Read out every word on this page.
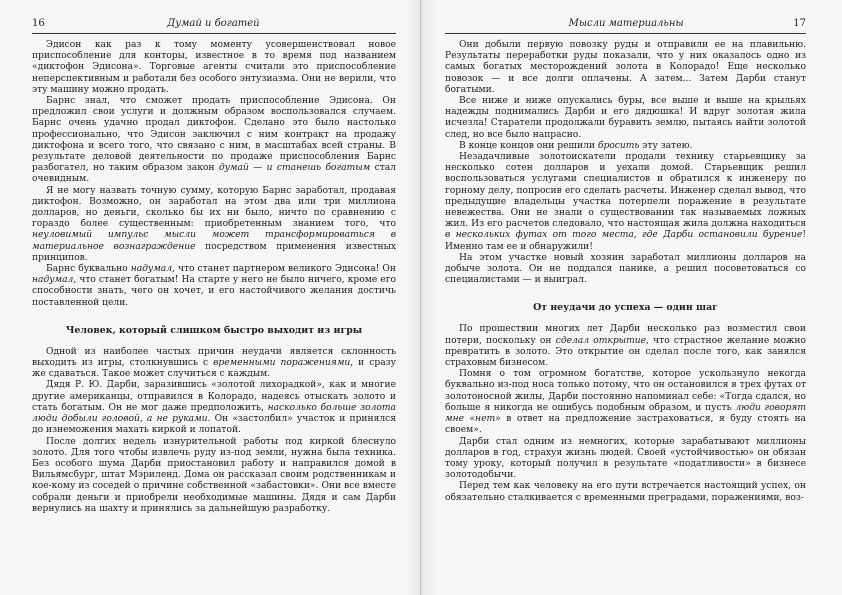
16	Думай и богатей

Эдисон как раз к тому моменту усовершенствовал новое приспособление для конторы, известное в то время под названием «диктофон Эдисона». Торговые агенты считали это приспособление неперспективным и работали без особого энтузиазма. Они не верили, что эту машину можно продать.

Барнс знал, что сможет продать приспособление Эдисона. Он предложил свои услуги и должным образом воспользовался случаем. Барнс очень удачно продал диктофон. Сделано это было настолько профессионально, что Эдисон заключил с ним контракт на продажу диктофона и всего того, что связано с ним, в масштабах всей страны. В результате деловой деятельности по продаже приспособления Барнс разбогател, но таким образом закон думай — и станешь богатым стал очевидным.

Я не могу назвать точную сумму, которую Барнс заработал, продавая диктофон. Возможно, он заработал на этом два или три миллиона долларов, но деньги, сколько бы их ни было, ничто по сравнению с гораздо более существенным: приобретенным знанием того, что неуловимый импульс мысли может трансформироваться в материальное вознаграждение посредством применения известных принципов.

Барнс буквально надумал, что станет партнером великого Эдисона! Он надумал, что станет богатым! На старте у него не было ничего, кроме его способности знать, чего он хочет, и его настойчивого желания достичь поставленной цели.

Человек, который слишком быстро выходит из игры

Одной из наиболее частых причин неудачи является склонность выходить из игры, столкнувшись с временными поражениями, и сразу же сдаваться. Такое может случиться с каждым.

Дядя Р. Ю. Дарби, заразившись «золотой лихорадкой», как и многие другие американцы, отправился в Колорадо, надеясь отыскать золото и стать богатым. Он не мог даже предположить, насколько больше золота люди добыли головой, а не руками. Он «застолбил» участок и принялся до изнеможения махать киркой и лопатой.

После долгих недель изнурительной работы под киркой блеснуло золото. Для того чтобы извлечь руду из-под земли, нужна была техника. Без особого шума Дарби приостановил работу и направился домой в Вильямсбург, штат Мэриленд. Дома он рассказал своим родственникам и кое-кому из соседей о причине собственной «забастовки». Они все вместе собрали деньги и приобрели необходимые машины. Дядя и сам Дарби вернулись на шахту и принялись за дальнейшую разработку.

Мысли материальны	17

Они добыли первую повозку руды и отправили ее на плавильню. Результаты переработки руды показали, что у них оказалось одно из самых богатых месторождений золота в Колорадо! Еще несколько повозок — и все долги оплачены. А затем... Затем Дарби станут богатыми.

Все ниже и ниже опускались буры, все выше и выше на крыльях надежды поднимались Дарби и его дядюшка! И вдруг золотая жила исчезла! Старатели продолжали буравить землю, пытаясь найти золотой след, но все было напрасно.

В конце концов они решили бросить эту затею.

Незадачливые золотоискатели продали технику старьевщику за несколько сотен долларов и уехали домой. Старьевщик решил воспользоваться услугами специалистов и обратился к инженеру по горному делу, попросив его сделать расчеты. Инженер сделал вывод, что предыдущие владельцы участка потерпели поражение в результате невежества. Они не знали о существовании так называемых ложных жил. Из его расчетов следовало, что настоящая жила должна находиться в нескольких футах от того места, где Дарби остановили бурение! Именно там ее и обнаружили!

На этом участке новый хозяин заработал миллионы долларов на добыче золота. Он не поддался панике, а решил посоветоваться со специалистами — и выиграл.

От неудачи до успеха — один шаг

По прошествии многих лет Дарби несколько раз возместил свои потери, поскольку он сделал открытие, что страстное желание можно превратить в золото. Это открытие он сделал после того, как занялся страховым бизнесом.

Помня о том огромном богатстве, которое ускользнуло некогда буквально из-под носа только потому, что он остановился в трех футах от золотоносной жилы, Дарби постоянно напоминал себе: «Тогда сдался, но больше я никогда не ошибусь подобным образом, и пусть люди говорят мне «нет» в ответ на предложение застраховаться, я буду стоять на своем».

Дарби стал одним из немногих, которые зарабатывают миллионы долларов в год, страхуя жизнь людей. Своей «устойчивостью» он обязан тому уроку, который получил в результате «податливости» в бизнесе золотодобычи.

Перед тем как человеку на его пути встречается настоящий успех, он обязательно сталкивается с временными преградами, поражениями, воз-
